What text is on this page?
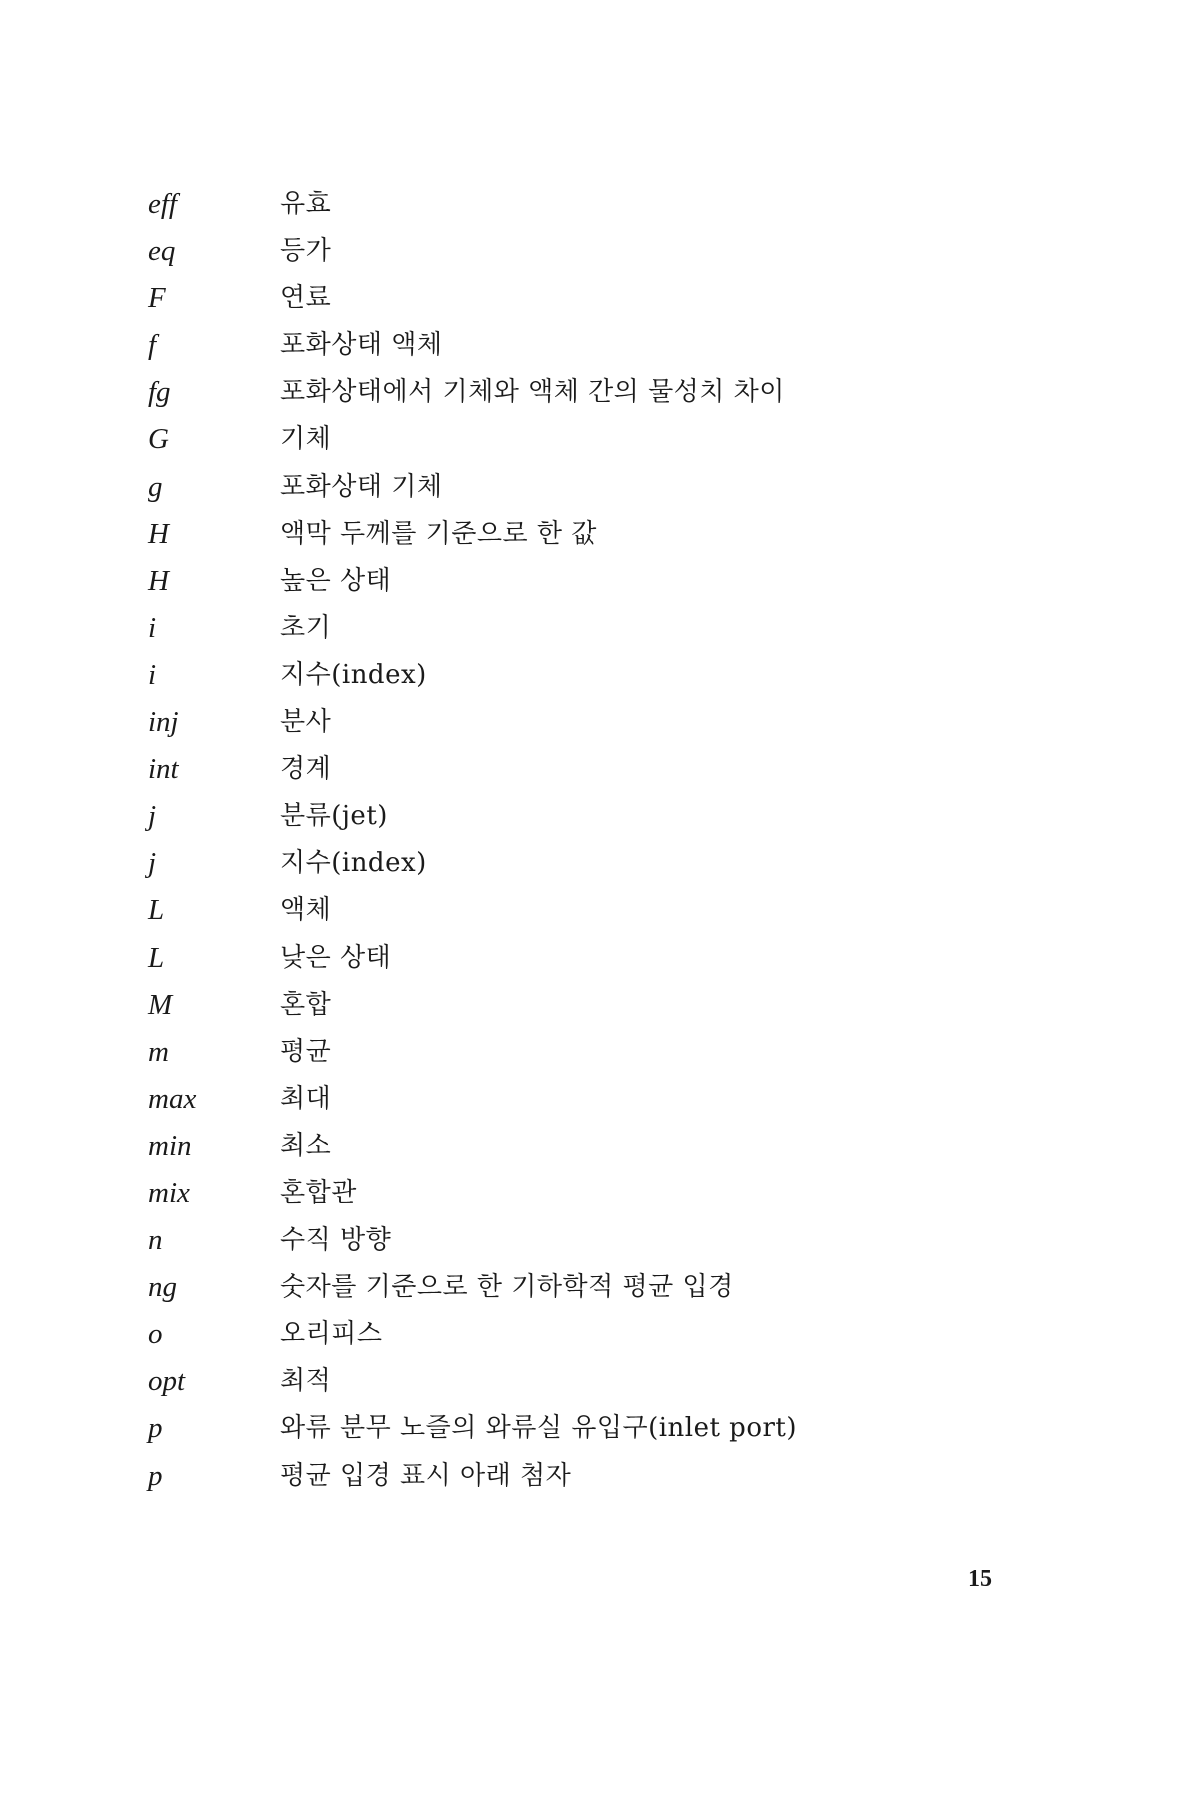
eff	유효
eq	등가
F	연료
f	포화상태 액체
fg	포화상태에서 기체와 액체 간의 물성치 차이
G	기체
g	포화상태 기체
H	액막 두께를 기준으로 한 값
H	높은 상태
i	초기
i	지수(index)
inj	분사
int	경계
j	분류(jet)
j	지수(index)
L	액체
L	낮은 상태
M	혼합
m	평균
max	최대
min	최소
mix	혼합관
n	수직 방향
ng	숫자를 기준으로 한 기하학적 평균 입경
o	오리피스
opt	최적
p	와류 분무 노즐의 와류실 유입구(inlet port)
p	평균 입경 표시 아래 첨자
15
